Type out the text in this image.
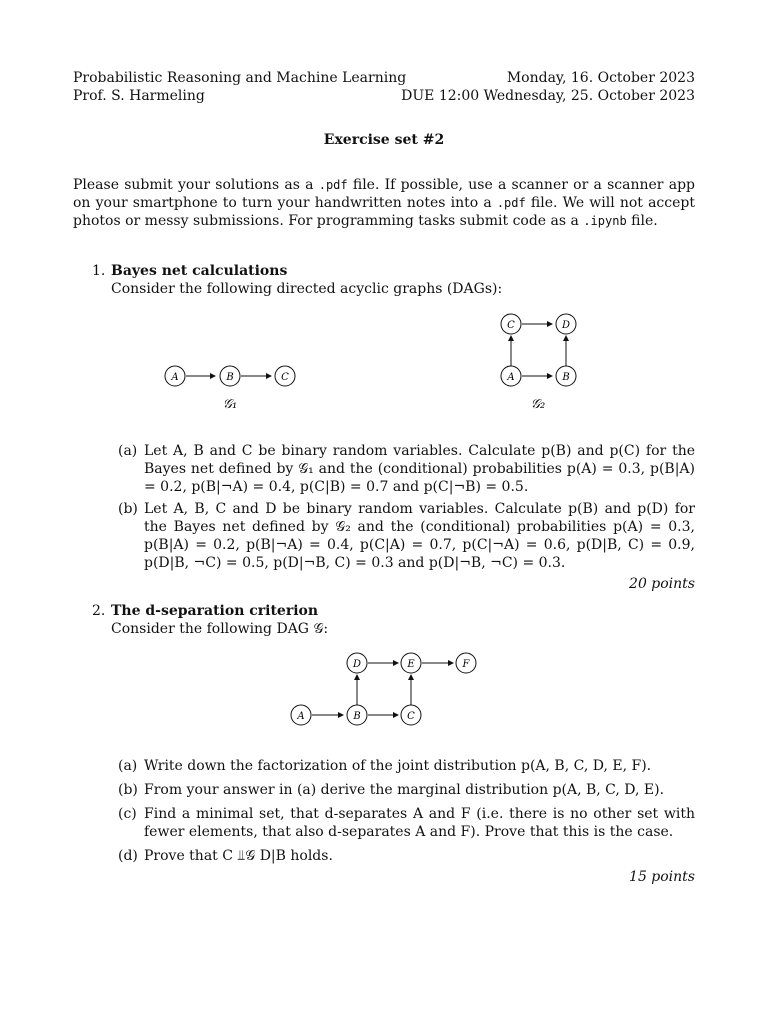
Probabilistic Reasoning and Machine Learning	Monday, 16. October 2023
Prof. S. Harmeling	DUE 12:00 Wednesday, 25. October 2023
Exercise set #2
Please submit your solutions as a .pdf file. If possible, use a scanner or a scanner app on your smartphone to turn your handwritten notes into a .pdf file. We will not accept photos or messy submissions. For programming tasks submit code as a .ipynb file.
1. Bayes net calculations
Consider the following directed acyclic graphs (DAGs):
A	B	C
𝒢₁
C	D
A	B
𝒢₂
(a) Let A, B and C be binary random variables. Calculate p(B) and p(C) for the Bayes net defined by 𝒢₁ and the (conditional) probabilities p(A) = 0.3, p(B|A) = 0.2, p(B|¬A) = 0.4, p(C|B) = 0.7 and p(C|¬B) = 0.5.
(b) Let A, B, C and D be binary random variables. Calculate p(B) and p(D) for the Bayes net defined by 𝒢₂ and the (conditional) probabilities p(A) = 0.3, p(B|A) = 0.2, p(B|¬A) = 0.4, p(C|A) = 0.7, p(C|¬A) = 0.6, p(D|B, C) = 0.9, p(D|B, ¬C) = 0.5, p(D|¬B, C) = 0.3 and p(D|¬B, ¬C) = 0.3.
20 points
2. The d-separation criterion
Consider the following DAG 𝒢:
D	E	F
A	B	C
(a) Write down the factorization of the joint distribution p(A, B, C, D, E, F).
(b) From your answer in (a) derive the marginal distribution p(A, B, C, D, E).
(c) Find a minimal set, that d-separates A and F (i.e. there is no other set with fewer elements, that also d-separates A and F). Prove that this is the case.
(d) Prove that C ⫫𝒢 D|B holds.
15 points
